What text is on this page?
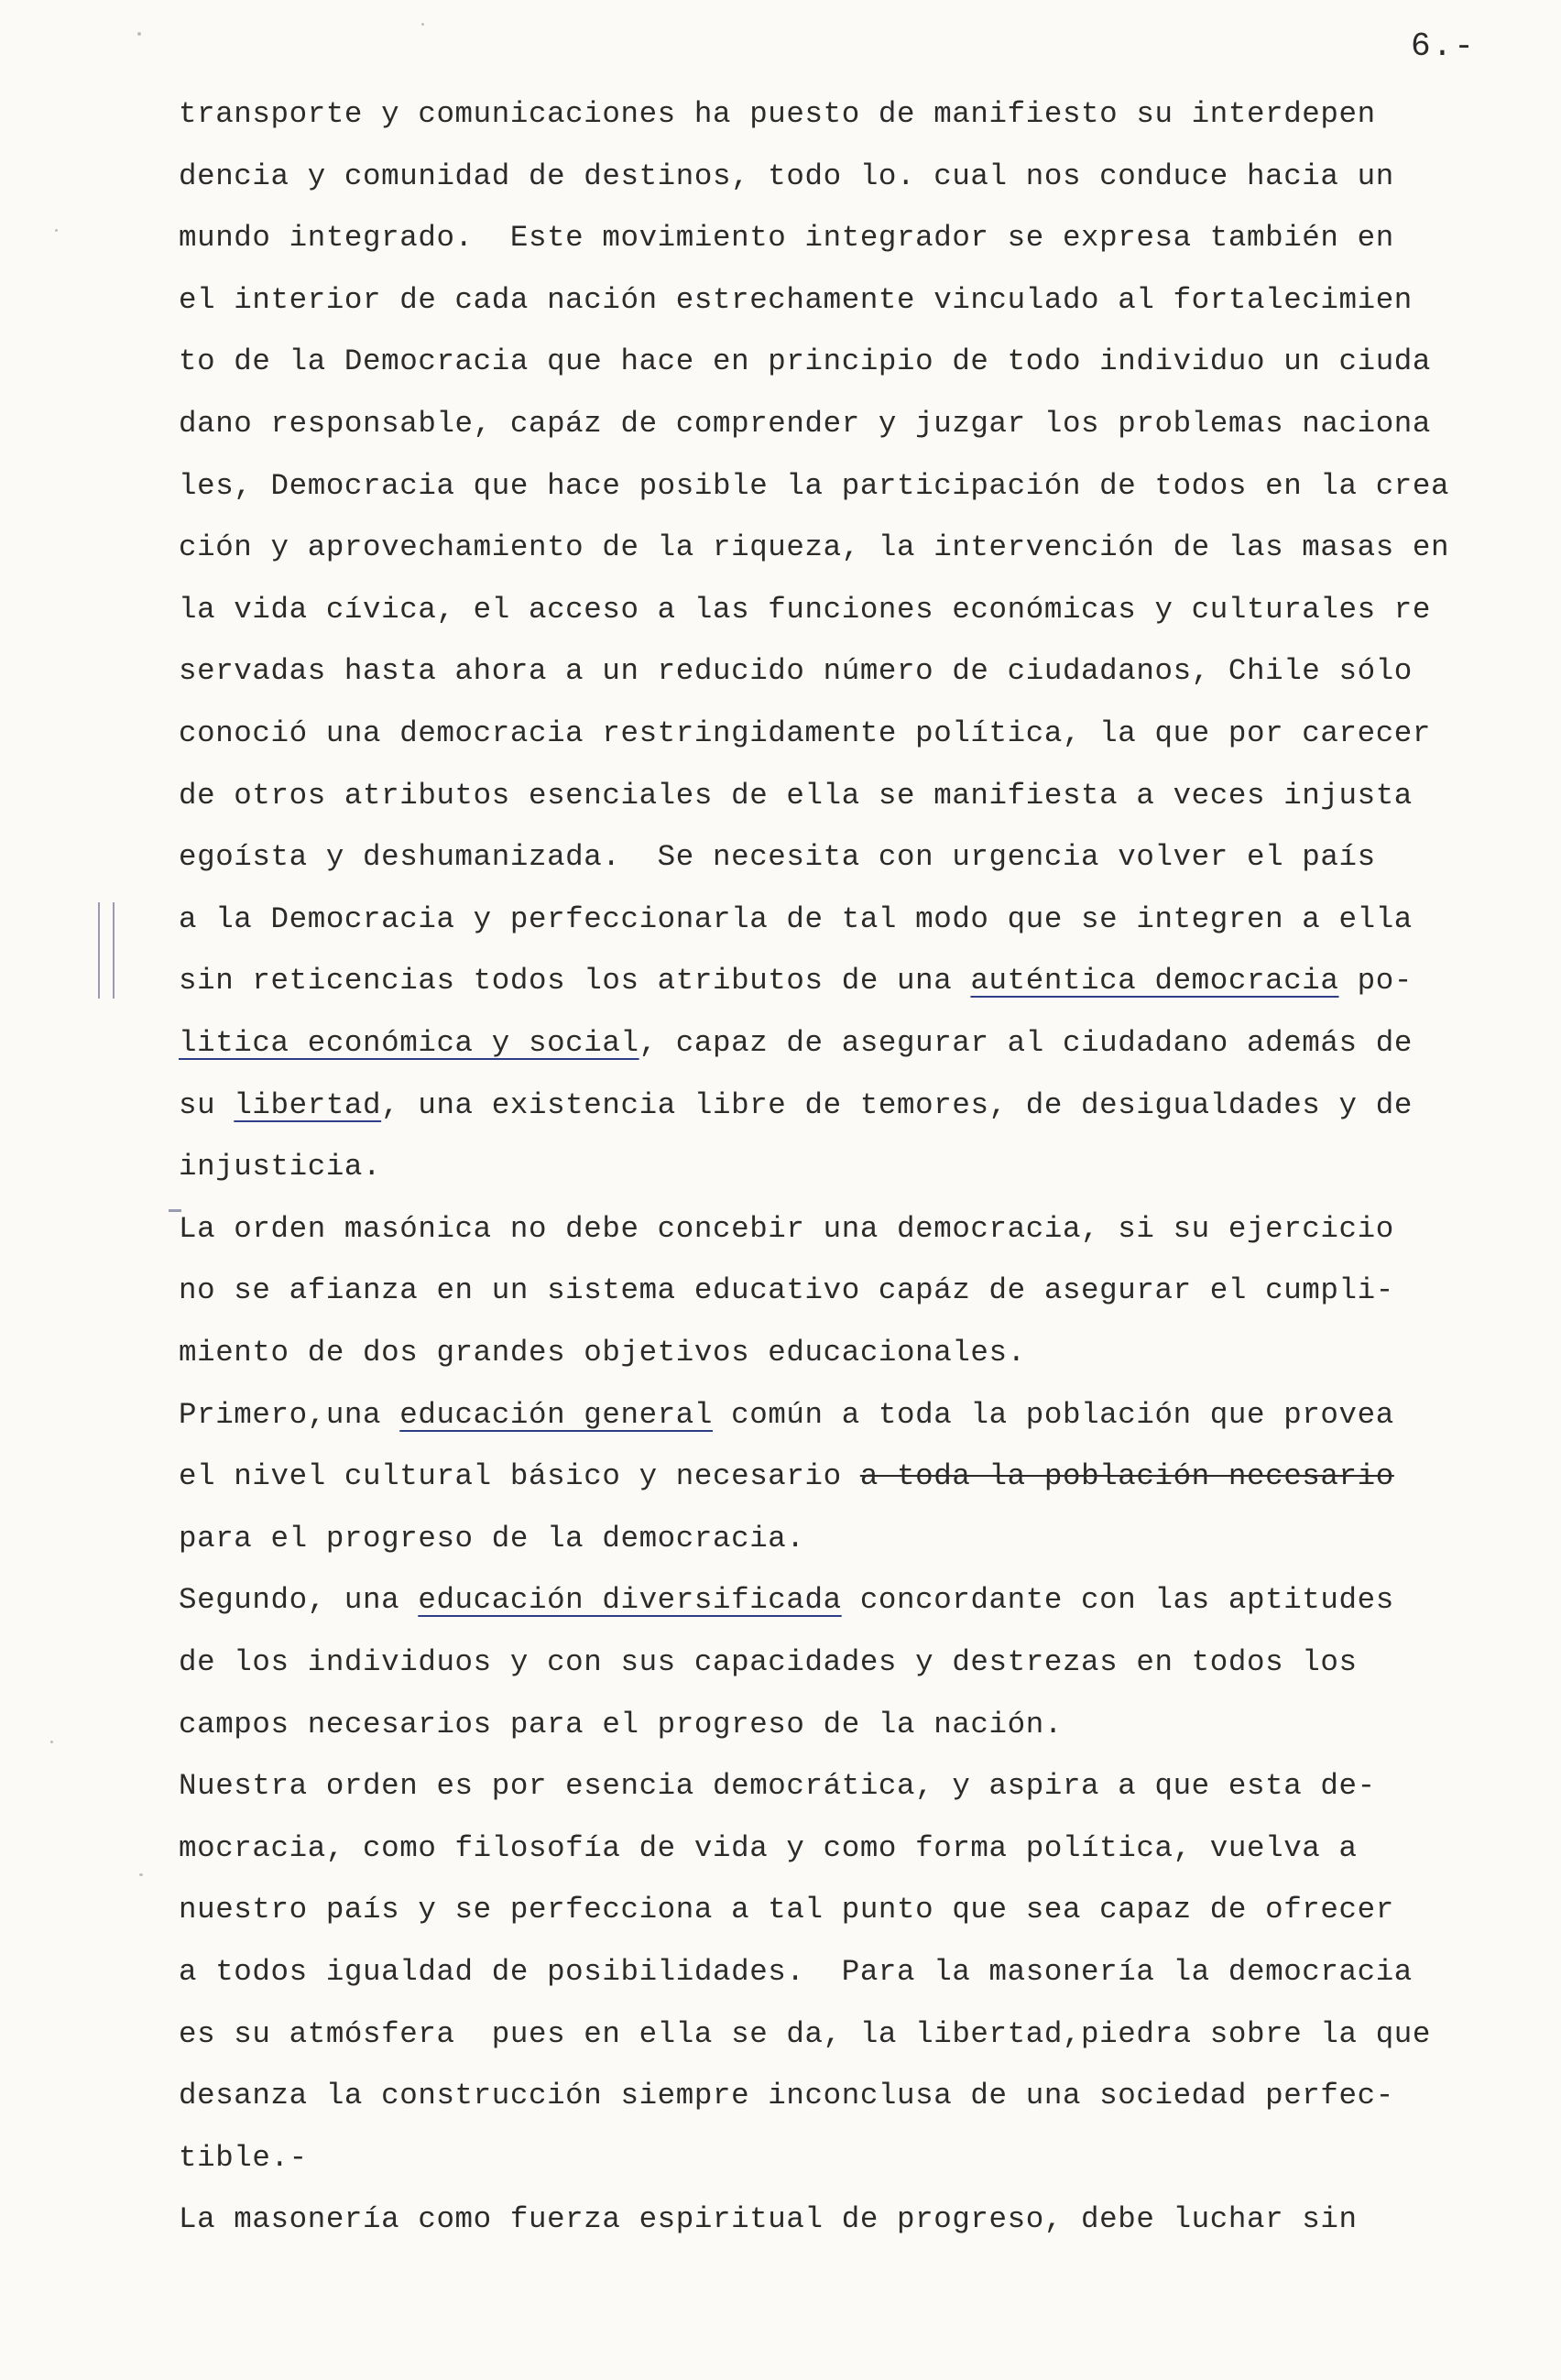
6.-
transporte y comunicaciones ha puesto de manifiesto su interdepen
dencia y comunidad de destinos, todo lo. cual nos conduce hacia un
mundo integrado.  Este movimiento integrador se expresa también en
el interior de cada nación estrechamente vinculado al fortalecimien
to de la Democracia que hace en principio de todo individuo un ciuda
dano responsable, capáz de comprender y juzgar los problemas naciona
les, Democracia que hace posible la participación de todos en la crea
ción y aprovechamiento de la riqueza, la intervención de las masas en
la vida cívica, el acceso a las funciones económicas y culturales re
servadas hasta ahora a un reducido número de ciudadanos, Chile sólo
conoció una democracia restringidamente política, la que por carecer
de otros atributos esenciales de ella se manifiesta a veces injusta
egoísta y deshumanizada.  Se necesita con urgencia volver el país
a la Democracia y perfeccionarla de tal modo que se integren a ella
sin reticencias todos los atributos de una auténtica democracia po-
litica económica y social, capaz de asegurar al ciudadano además de
su libertad, una existencia libre de temores, de desigualdades y de
injusticia.
La orden masónica no debe concebir una democracia, si su ejercicio
no se afianza en un sistema educativo capáz de asegurar el cumpli-
miento de dos grandes objetivos educacionales.
Primero,una educación general común a toda la población que provea
el nivel cultural básico y necesario a toda la población necesario
para el progreso de la democracia.
Segundo, una educación diversificada concordante con las aptitudes
de los individuos y con sus capacidades y destrezas en todos los
campos necesarios para el progreso de la nación.
Nuestra orden es por esencia democrática, y aspira a que esta de-
mocracia, como filosofía de vida y como forma política, vuelva a
nuestro país y se perfecciona a tal punto que sea capaz de ofrecer
a todos igualdad de posibilidades.  Para la masonería la democracia
es su atmósfera  pues en ella se da, la libertad,piedra sobre la que
desanza la construcción siempre inconclusa de una sociedad perfec-
tible.-
La masonería como fuerza espiritual de progreso, debe luchar sin
